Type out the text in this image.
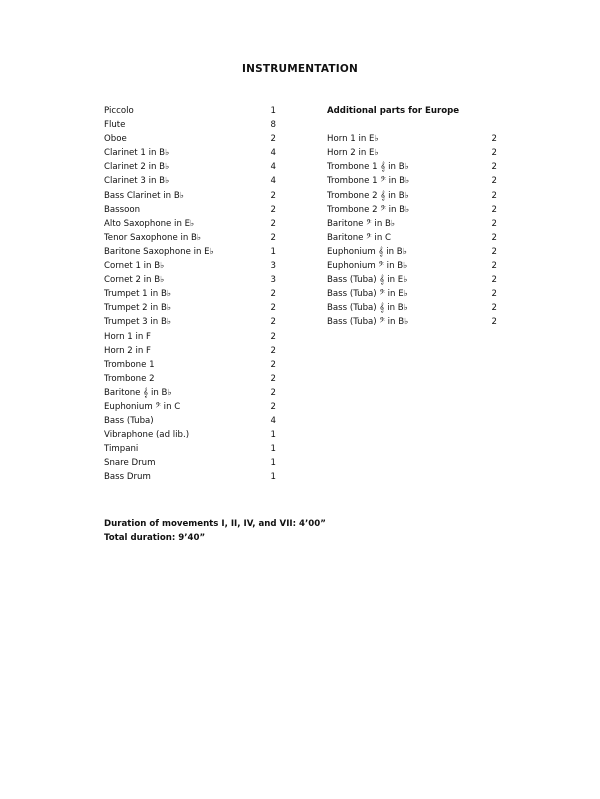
INSTRUMENTATION
Piccolo	1
Flute	8
Oboe	2
Clarinet 1 in B♭	4
Clarinet 2 in B♭	4
Clarinet 3 in B♭	4
Bass Clarinet in B♭	2
Bassoon	2
Alto Saxophone in E♭	2
Tenor Saxophone in B♭	2
Baritone Saxophone in E♭	1
Cornet 1 in B♭	3
Cornet 2 in B♭	3
Trumpet 1 in B♭	2
Trumpet 2 in B♭	2
Trumpet 3 in B♭	2
Horn 1 in F	2
Horn 2 in F	2
Trombone 1	2
Trombone 2	2
Baritone 𝄞 in B♭	2
Euphonium 𝄢 in C	2
Bass (Tuba)	4
Vibraphone (ad lib.)	1
Timpani	1
Snare Drum	1
Bass Drum	1
Additional parts for Europe
Horn 1 in E♭	2
Horn 2 in E♭	2
Trombone 1 𝄞 in B♭	2
Trombone 1 𝄢 in B♭	2
Trombone 2 𝄞 in B♭	2
Trombone 2 𝄢 in B♭	2
Baritone 𝄢 in B♭	2
Baritone 𝄢 in C	2
Euphonium 𝄞 in B♭	2
Euphonium 𝄢 in B♭	2
Bass (Tuba) 𝄞 in E♭	2
Bass (Tuba) 𝄢 in E♭	2
Bass (Tuba) 𝄞 in B♭	2
Bass (Tuba) 𝄢 in B♭	2
Duration of movements I, II, IV, and VII: 4’00”
Total duration: 9’40”
